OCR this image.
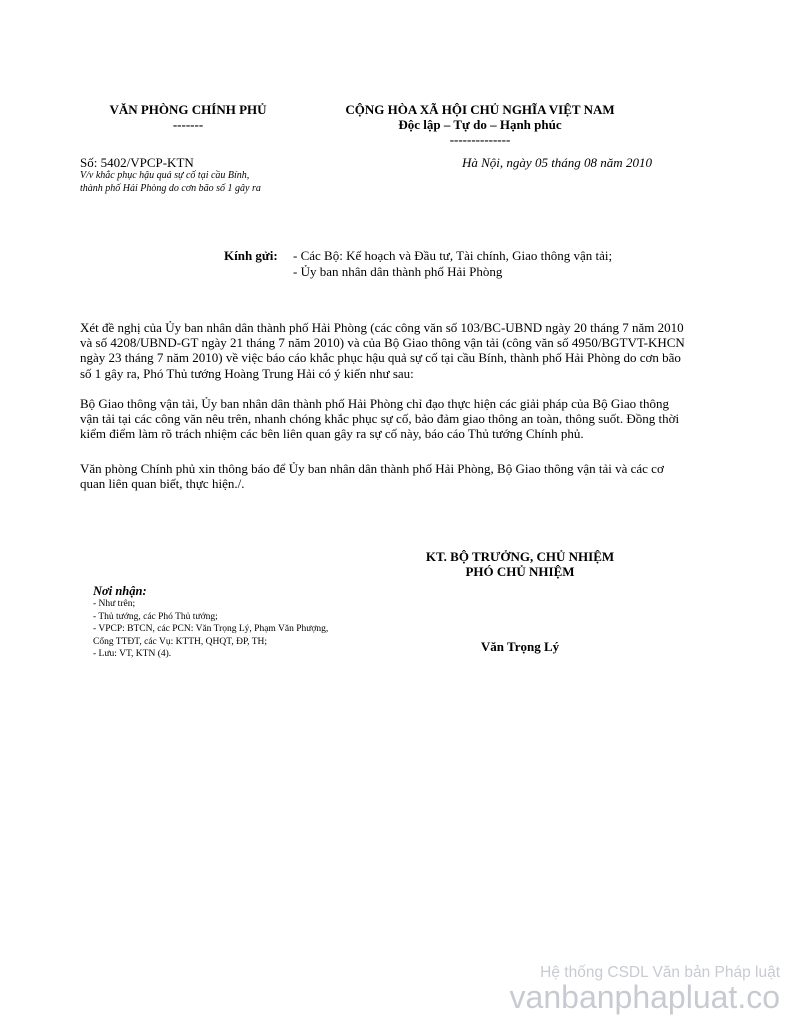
VĂN PHÒNG CHÍNH PHỦ
-------
CỘNG HÒA XÃ HỘI CHỦ NGHĨA VIỆT NAM
Độc lập – Tự do – Hạnh phúc
--------------
Số: 5402/VPCP-KTN
V/v khắc phục hậu quả sự cố tại cầu Bính,
thành phố Hải Phòng do cơn bão số 1 gây ra
Hà Nội, ngày 05 tháng 08 năm 2010
Kính gửi: - Các Bộ: Kế hoạch và Đầu tư, Tài chính, Giao thông vận tải;
- Ủy ban nhân dân thành phố Hải Phòng
Xét đề nghị của Ủy ban nhân dân thành phố Hải Phòng (các công văn số 103/BC-UBND ngày 20 tháng 7 năm 2010
và số 4208/UBND-GT ngày 21 tháng 7 năm 2010) và của Bộ Giao thông vận tải (công văn số 4950/BGTVT-KHCN
ngày 23 tháng 7 năm 2010) về việc báo cáo khắc phục hậu quả sự cố tại cầu Bính, thành phố Hải Phòng do cơn bão
số 1 gây ra, Phó Thủ tướng Hoàng Trung Hải có ý kiến như sau:
Bộ Giao thông vận tải, Ủy ban nhân dân thành phố Hải Phòng chỉ đạo thực hiện các giải pháp của Bộ Giao thông
vận tải tại các công văn nêu trên, nhanh chóng khắc phục sự cố, bảo đảm giao thông an toàn, thông suốt. Đồng thời
kiểm điểm làm rõ trách nhiệm các bên liên quan gây ra sự cố này, báo cáo Thủ tướng Chính phủ.
Văn phòng Chính phủ xin thông báo để Ủy ban nhân dân thành phố Hải Phòng, Bộ Giao thông vận tải và các cơ
quan liên quan biết, thực hiện./.
KT. BỘ TRƯỞNG, CHỦ NHIỆM
PHÓ CHỦ NHIỆM
Văn Trọng Lý
Nơi nhận:
- Như trên;
- Thủ tướng, các Phó Thủ tướng;
- VPCP: BTCN, các PCN: Văn Trọng Lý, Phạm Văn Phượng,
Cổng TTĐT, các Vụ: KTTH, QHQT, ĐP, TH;
- Lưu: VT, KTN (4).
Hệ thống CSDL Văn bản Pháp luật
vanbanphapluat.co
